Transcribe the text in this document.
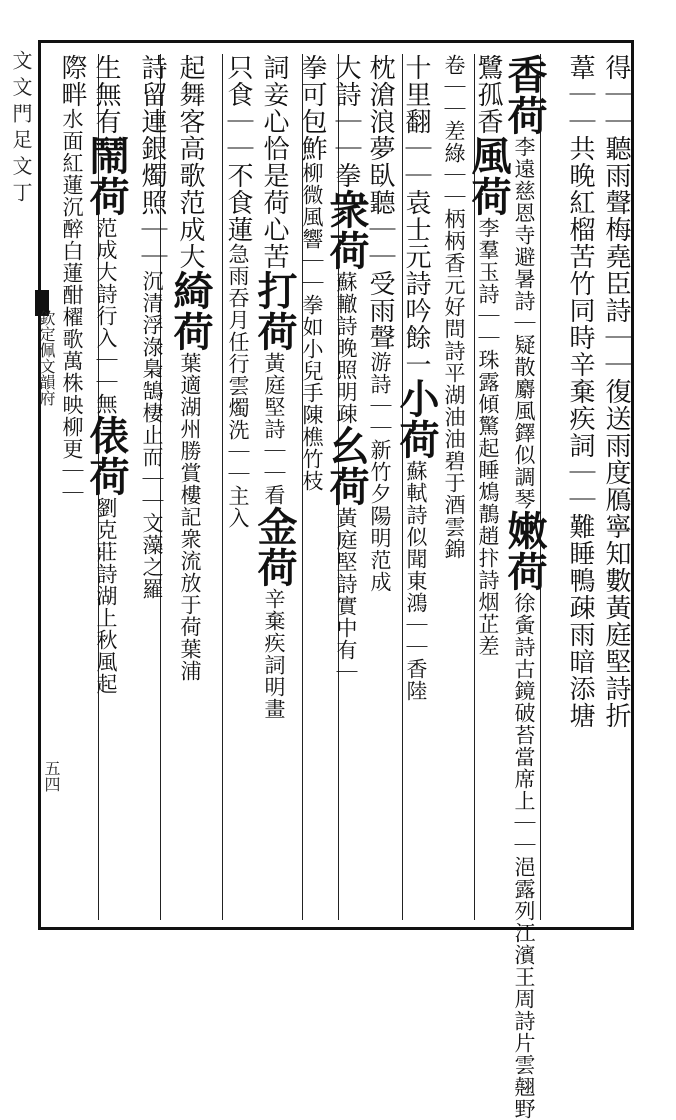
文 文 門 足 文 丁
欽定佩文韻府
五四
得｜｜聽雨聲梅堯臣詩｜｜復送雨度鴈寧知數黃庭堅詩折
葦｜｜共晚紅榴苦竹同時辛棄疾詞｜｜難睡鴨疎雨暗添塘
香荷李遠慈恩寺避暑詩｜疑散麝風鐸似調琴嫩荷徐夤詩古鏡破苔當席上｜｜浥露列江濱王周詩片雲翹野
鷺孤香風荷李羣玉詩｜｜珠露傾驚起睡鴆鶄趙抃詩烟芷差
卷｜｜差綠｜｜柄柄香元好問詩平湖油油碧于酒雲錦
十里翻｜｜袁士元詩吟餘一小荷蘇軾詩似聞東鴻｜｜香陸
枕滄浪夢臥聽｜｜受雨聲游詩｜｜新竹夕陽明范成
大詩｜｜拳衆荷蘇轍詩晚照明疎幺荷黃庭堅詩實中有｜
拳可包鮓柳微風響｜｜拳如小兒手陳樵竹枝
詞妾心恰是荷心苦打荷黃庭堅詩｜｜看金荷辛棄疾詞明畫
只食｜｜不食蓮急雨吞月任行雲燭洗｜｜主入
起舞客高歌范成大綺荷葉適湖州勝賞樓記衆流放于荷葉浦
詩留連銀燭照｜｜沉清浮淥梟鵠棲止而｜｜文藻之羅
生無有鬧荷范成大詩行入｜｜無俵荷劉克莊詩湖上秋風起
際畔水面紅蓮沉醉白蓮酣櫂歌萬株映柳更｜｜
